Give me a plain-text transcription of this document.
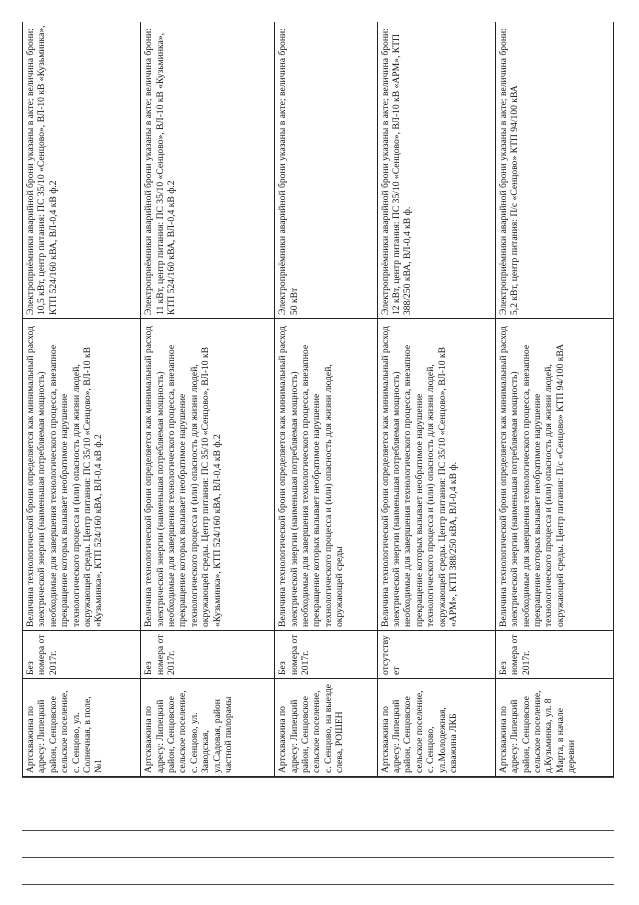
·
Артскважина по адресу: Липецкий район, Сенцовское сельское поселение, с. Сенцово, ул. Солнечная, в поле, №1	Без номера от 2017г.	Величина технологической брони определяется как минимальный расход электрической энергии (наименьшая потребляемая мощность) необходимые для завершения технологического процесса, внезапное прекращение которых вызывает необратимое нарушение технологического процесса и (или) опасность для жизни людей, окружающей среды. Центр питания: ПС 35/10 «Сенцово», ВЛ-10 кВ «Кузьминка», КТП 524/160 кВА, ВЛ-0,4 кВ ф.2	Электроприёмники аварийной брони указаны в акте; величина брони: 10,5 кВт, центр питания: ПС 35/10 «Сенцово», ВЛ-10 кВ «Кузьминка», КТП 524/160 кВА, ВЛ-0,4 кВ ф.2
Артскважина по адресу: Липецкий район, Сенцовское сельское поселение, с. Сенцово, ул. Заводская, ул.Садовая, район частной пилорамы	Без номера от 2017г.	Величина технологической брони определяется как минимальный расход электрической энергии (наименьшая потребляемая мощность) необходимые для завершения технологического процесса, внезапное прекращение которых вызывает необратимое нарушение технологического процесса и (или) опасность для жизни людей, окружающей среды. Центр питания: ПС 35/10 «Сенцово», ВЛ-10 кВ «Кузьминка», КТП 524/160 кВА, ВЛ-0,4 кВ ф.2	Электроприёмники аварийной брони указаны в акте; величина брони: 11 кВт, центр питания: ПС 35/10 «Сенцово», ВЛ-10 кВ «Кузьминка», КТП 524/160 кВА, ВЛ-0,4 кВ ф.2
Артскважина по адресу: Липецкий район, Сенцовское сельское поселение, с. Сенцово, на выезде слева, РОШЕН	Без номера от 2017г.	Величина технологической брони определяется как минимальный расход электрической энергии (наименьшая потребляемая мощность) необходимые для завершения технологического процесса, внезапное прекращение которых вызывает необратимое нарушение технологического процесса и (или) опасность для жизни людей, окружающей среды	Электроприёмники аварийной брони указаны в акте; величина брони: 50 кВт
Артскважина по адресу: Липецкий район, Сенцовское сельское поселение, с. Сенцово, ул.Молодежная, скважина ЛКБ	отсутствует	Величина технологической брони определяется как минимальный расход электрической энергии (наименьшая потребляемая мощность) необходимые для завершения технологического процесса, внезапное прекращение которых вызывает необратимое нарушение технологического процесса и (или) опасность для жизни людей, окружающей среды. Центр питания: ПС 35/10 «Сенцово», ВЛ-10 кВ «АРМ», КТП 388/250 кВА, ВЛ-0,4 кВ ф.	Электроприёмники аварийной брони указаны в акте; величина брони: 12 кВт, центр питания: ПС 35/10 «Сенцово», ВЛ-10 кВ «АРМ», КТП 388/250 кВА, ВЛ-0,4 кВ ф.
Артскважина по адресу: Липецкий район, Сенцовское сельское поселение, д.Кузьминка, ул. 8 Марта, в начале деревни	Без номера от 2017г.	Величина технологической брони определяется как минимальный расход электрической энергии (наименьшая потребляемая мощность) необходимые для завершения технологического процесса, внезапное прекращение которых вызывает необратимое нарушение технологического процесса и (или) опасность для жизни людей, окружающей среды. Центр питания: П/с «Сенцово» КТП 94/100 кВА	Электроприёмники аварийной брони указаны в акте; величина брони: 5,2 кВт, центр питания: П/с «Сенцово» КТП 94/100 кВА
